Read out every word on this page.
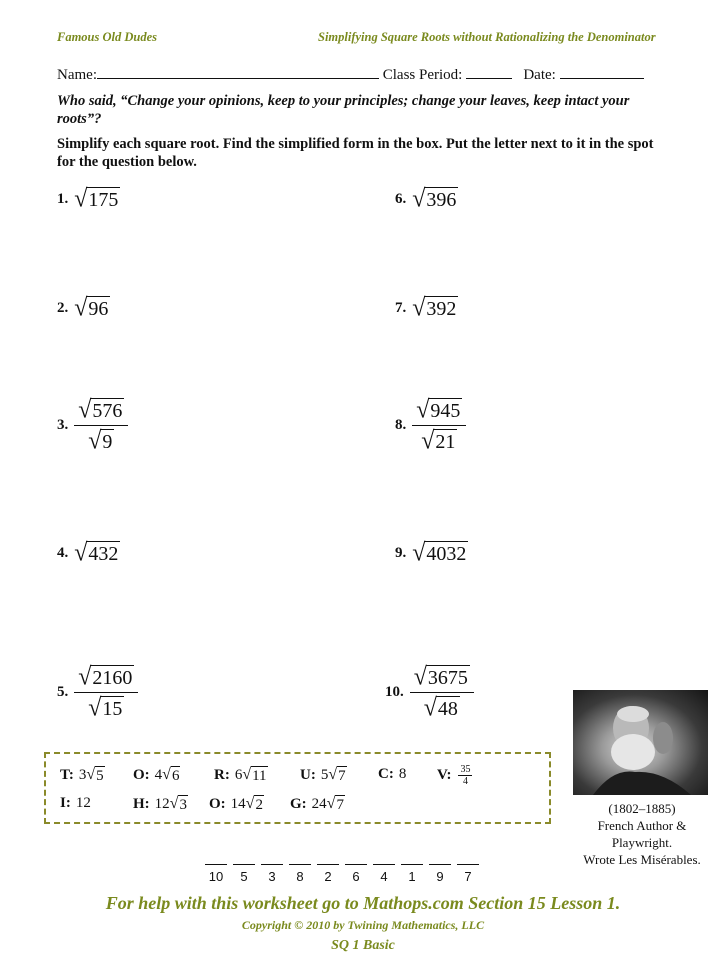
Famous Old Dudes	Simplifying Square Roots without Rationalizing the Denominator
Name:	Class Period:	Date:
Who said, “Change your opinions, keep to your principles; change your leaves, keep intact your roots”?
Simplify each square root. Find the simplified form in the box. Put the letter next to it in the spot for the question below.
1. √ 175
2. √ 96
3. $\frac{√ 576}{√ 9}$
4. √ 432
5. $\frac{√ 2160}{√ 15}$
6. √ 396
7. √ 392
8. $\frac{√ 945}{√ 21}$
9. √ 4032
10. $\frac{√ 3675}{√ 48}$
T: 3 √ 5 O: 4 √ 6 R: 6 √ 11 U: 5 √ 7 C: 8 V: $\frac{35}{4}$
I: 12	H: 12 √ 3 O: 14 √ 2 G: 24 √ 7	(1802–1885)
French Author &
Playwright.
Wrote Les Misérables.
10	5	3	8	2	6	4	1	9	7
For help with this worksheet go to Mathops.com Section 15 Lesson 1.
Copyright © 2010 by Twining Mathematics, LLC
SQ 1 Basic
